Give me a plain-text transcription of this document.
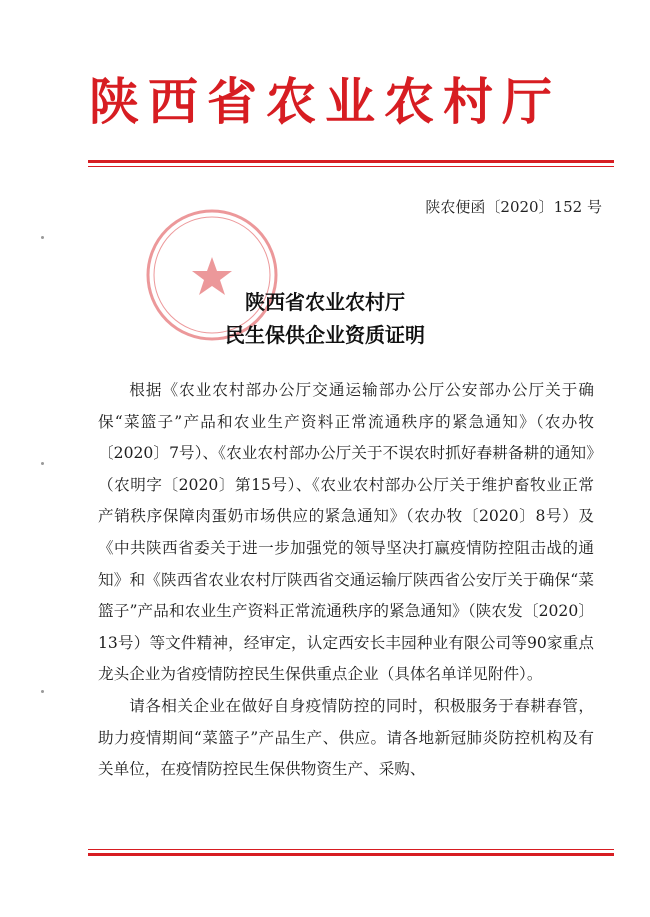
陕西省农业农村厅
陕农便函〔2020〕152 号
陕西省农业农村厅
民生保供企业资质证明

根据《农业农村部办公厅交通运输部办公厅公安部办公厅关于确保“菜篮子”产品和农业生产资料正常流通秩序的紧急通知》（农办牧〔2020〕7号）、《农业农村部办公厅关于不误农时抓好春耕备耕的通知》（农明字〔2020〕第15号）、《农业农村部办公厅关于维护畜牧业正常产销秩序保障肉蛋奶市场供应的紧急通知》（农办牧〔2020〕8号）及《中共陕西省委关于进一步加强党的领导坚决打赢疫情防控阻击战的通知》和《陕西省农业农村厅陕西省交通运输厅陕西省公安厅关于确保“菜篮子”产品和农业生产资料正常流通秩序的紧急通知》（陕农发〔2020〕13号）等文件精神，经审定，认定西安长丰园种业有限公司等90家重点龙头企业为省疫情防控民生保供重点企业（具体名单详见附件）。

请各相关企业在做好自身疫情防控的同时，积极服务于春耕春管，助力疫情期间“菜篮子”产品生产、供应。请各地新冠肺炎防控机构及有关单位，在疫情防控民生保供物资生产、采购、
